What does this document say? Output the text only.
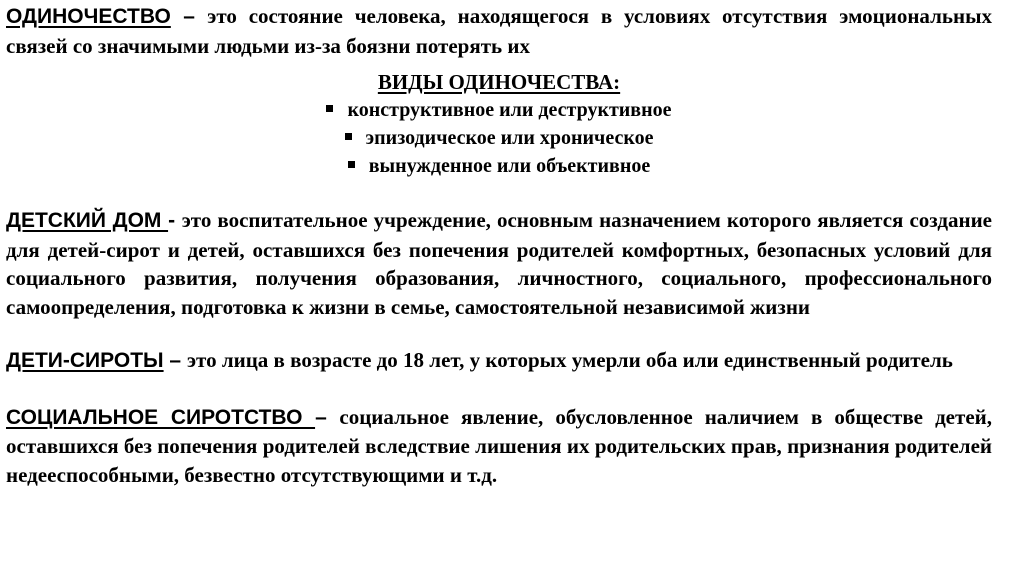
ОДИНОЧЕСТВО – это состояние человека, находящегося в условиях отсутствия эмоциональных связей со значимыми людьми из-за боязни потерять их

ВИДЫ ОДИНОЧЕСТВА:
конструктивное или деструктивное
эпизодическое или хроническое
вынужденное или объективное

ДЕТСКИЙ ДОМ - это воспитательное учреждение, основным назначением которого является создание для детей-сирот и детей, оставшихся без попечения родителей комфортных, безопасных условий для социального развития, получения образования, личностного, социального, профессионального самоопределения, подготовка к жизни в семье, самостоятельной независимой жизни

ДЕТИ-СИРОТЫ – это лица в возрасте до 18 лет, у которых умерли оба или единственный родитель

СОЦИАЛЬНОЕ СИРОТСТВО – социальное явление, обусловленное наличием в обществе детей, оставшихся без попечения родителей вследствие лишения их родительских прав, признания родителей недееспособными, безвестно отсутствующими и т.д.
